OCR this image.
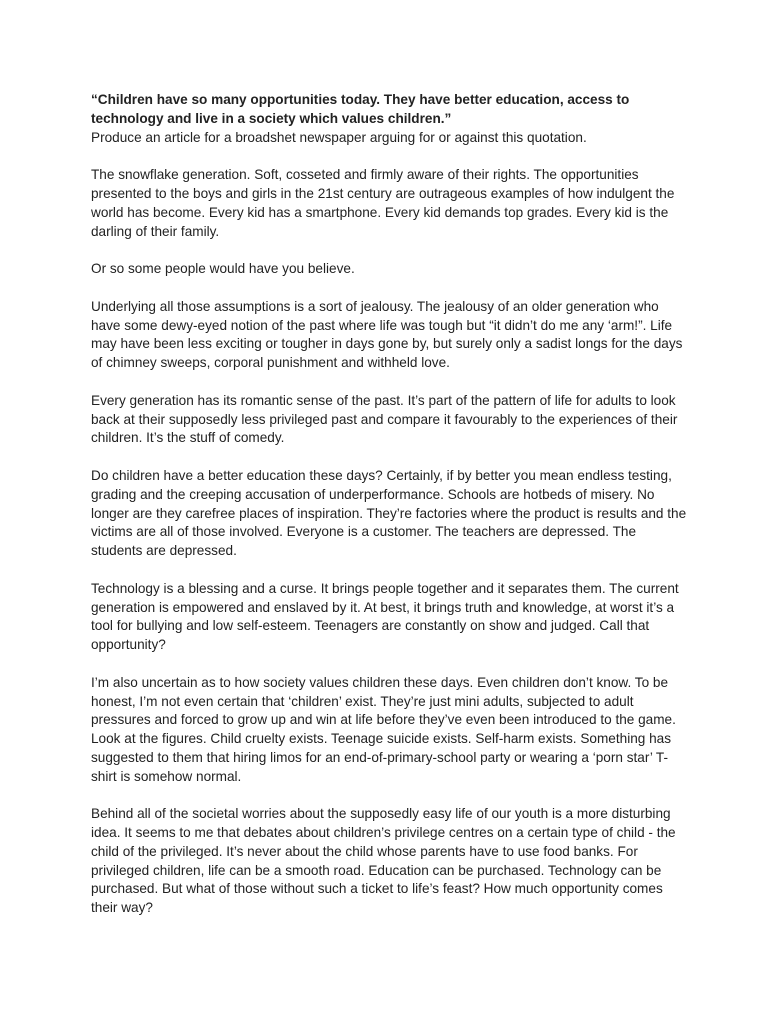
“Children have so many opportunities today. They have better education, access to technology and live in a society which values children.”

Produce an article for a broadshet newspaper arguing for or against this quotation.

The snowflake generation. Soft, cosseted and firmly aware of their rights. The opportunities presented to the boys and girls in the 21st century are outrageous examples of how indulgent the world has become. Every kid has a smartphone. Every kid demands top grades. Every kid is the darling of their family.

Or so some people would have you believe.

Underlying all those assumptions is a sort of jealousy. The jealousy of an older generation who have some dewy-eyed notion of the past where life was tough but “it didn’t do me any ‘arm!”. Life may have been less exciting or tougher in days gone by, but surely only a sadist longs for the days of chimney sweeps, corporal punishment and withheld love.

Every generation has its romantic sense of the past. It’s part of the pattern of life for adults to look back at their supposedly less privileged past and compare it favourably to the experiences of their children. It’s the stuff of comedy.

Do children have a better education these days? Certainly, if by better you mean endless testing, grading and the creeping accusation of underperformance. Schools are hotbeds of misery. No longer are they carefree places of inspiration. They’re factories where the product is results and the victims are all of those involved. Everyone is a customer. The teachers are depressed. The students are depressed.

Technology is a blessing and a curse. It brings people together and it separates them. The current generation is empowered and enslaved by it. At best, it brings truth and knowledge, at worst it’s a tool for bullying and low self-esteem. Teenagers are constantly on show and judged. Call that opportunity?

I’m also uncertain as to how society values children these days. Even children don’t know. To be honest, I’m not even certain that ‘children’ exist. They’re just mini adults, subjected to adult pressures and forced to grow up and win at life before they’ve even been introduced to the game. Look at the figures. Child cruelty exists. Teenage suicide exists. Self-harm exists. Something has suggested to them that hiring limos for an end-of-primary-school party or wearing a ‘porn star’ T-shirt is somehow normal.

Behind all of the societal worries about the supposedly easy life of our youth is a more disturbing idea. It seems to me that debates about children’s privilege centres on a certain type of child - the child of the privileged. It’s never about the child whose parents have to use food banks. For privileged children, life can be a smooth road. Education can be purchased. Technology can be purchased. But what of those without such a ticket to life’s feast? How much opportunity comes their way?
